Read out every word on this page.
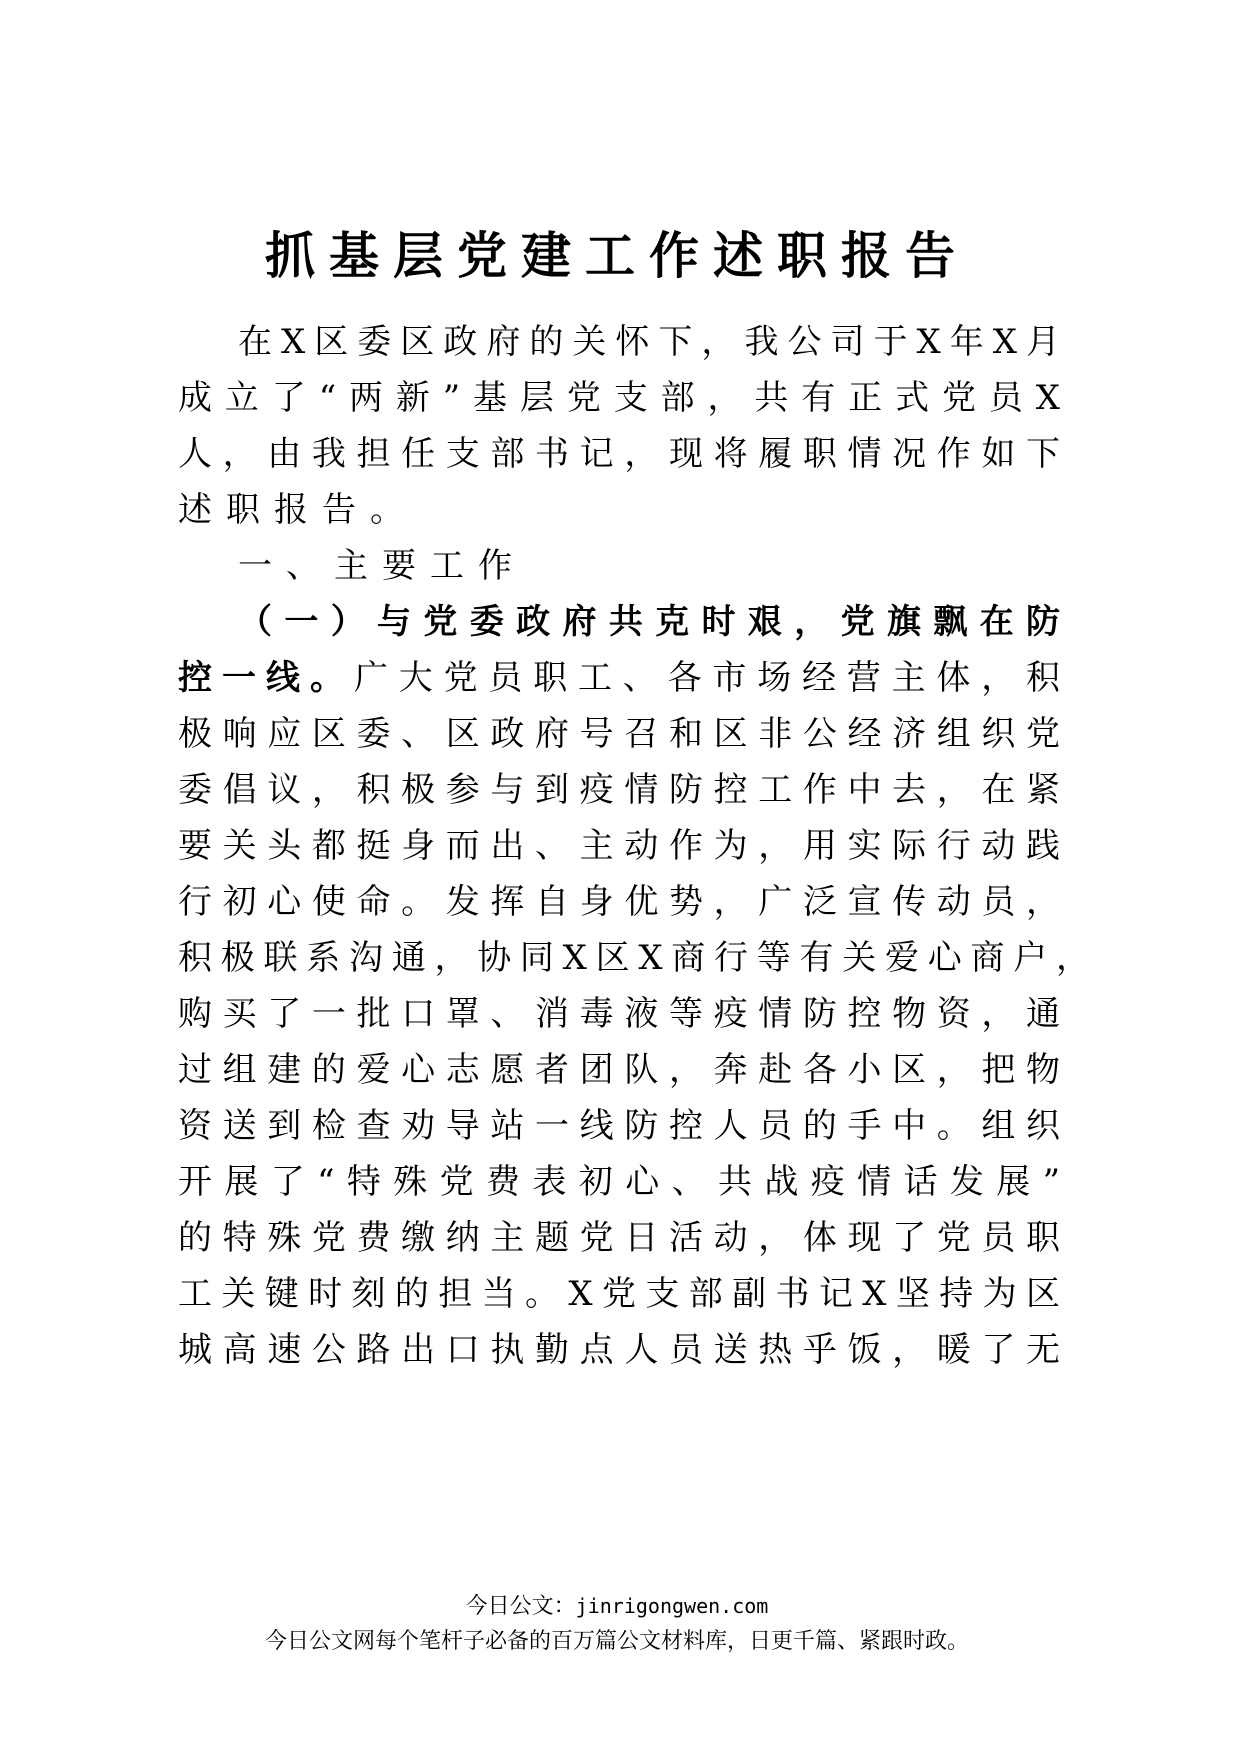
抓基层党建工作述职报告
在X区委区政府的关怀下，我公司于X年X月
成立了“两新”基层党支部，共有正式党员X
人，由我担任支部书记，现将履职情况作如下
述职报告。
一、主要工作
（一）与党委政府共克时艰，党旗飘在防
控一线。 广大党员职工、各市场经营主体，积
极响应区委、区政府号召和区非公经济组织党
委倡议，积极参与到疫情防控工作中去，在紧
要关头都挺身而出、主动作为，用实际行动践
行初心使命。发挥自身优势，广泛宣传动员，
积极联系沟通，协同X区X商行等有关爱心商户，
购买了一批口罩、消毒液等疫情防控物资，通
过组建的爱心志愿者团队，奔赴各小区，把物
资送到检查劝导站一线防控人员的手中。组织
开展了“特殊党费表初心、共战疫情话发展”
的特殊党费缴纳主题党日活动，体现了党员职
工关键时刻的担当。X党支部副书记X坚持为区
城高速公路出口执勤点人员送热乎饭，暖了无
今日公文：jinrigongwen.com
今日公文网每个笔杆子必备的百万篇公文材料库，日更千篇、紧跟时政。
